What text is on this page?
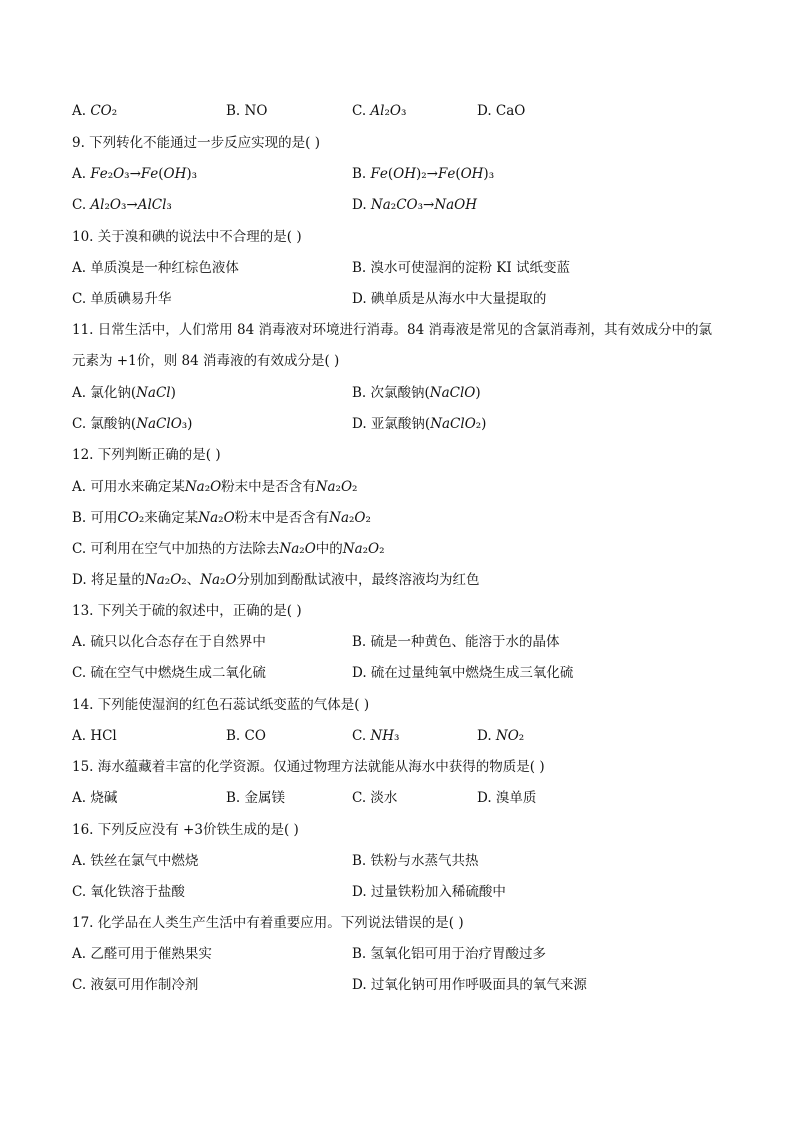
A. 𝐶𝑂₂	B. NO	C. 𝐴𝑙₂𝑂₃	D. CaO
9. 下列转化不能通过一步反应实现的是( )
A. 𝐹𝑒₂𝑂₃→𝐹𝑒(𝑂𝐻)₃	B. 𝐹𝑒(𝑂𝐻)₂→𝐹𝑒(𝑂𝐻)₃
C. 𝐴𝑙₂𝑂₃→𝐴𝑙𝐶𝑙₃	D. 𝑁𝑎₂𝐶𝑂₃→𝑁𝑎𝑂𝐻
10. 关于溴和碘的说法中不合理的是( )
A. 单质溴是一种红棕色液体	B. 溴水可使湿润的淀粉 KI 试纸变蓝
C. 单质碘易升华	D. 碘单质是从海水中大量提取的
11. 日常生活中，人们常用 84 消毒液对环境进行消毒。84 消毒液是常见的含氯消毒剂，其有效成分中的氯
元素为 +1价，则 84 消毒液的有效成分是( )
A. 氯化钠(𝑁𝑎𝐶𝑙)	B. 次氯酸钠(𝑁𝑎𝐶𝑙𝑂)
C. 氯酸钠(𝑁𝑎𝐶𝑙𝑂₃)	D. 亚氯酸钠(𝑁𝑎𝐶𝑙𝑂₂)
12. 下列判断正确的是( )
A. 可用水来确定某𝑁𝑎₂𝑂粉末中是否含有𝑁𝑎₂𝑂₂
B. 可用𝐶𝑂₂来确定某𝑁𝑎₂𝑂粉末中是否含有𝑁𝑎₂𝑂₂
C. 可利用在空气中加热的方法除去𝑁𝑎₂𝑂中的𝑁𝑎₂𝑂₂
D. 将足量的𝑁𝑎₂𝑂₂、𝑁𝑎₂𝑂分别加到酚酞试液中，最终溶液均为红色
13. 下列关于硫的叙述中，正确的是( )
A. 硫只以化合态存在于自然界中	B. 硫是一种黄色、能溶于水的晶体
C. 硫在空气中燃烧生成二氧化硫	D. 硫在过量纯氧中燃烧生成三氧化硫
14. 下列能使湿润的红色石蕊试纸变蓝的气体是( )
A. HCl	B. CO	C. 𝑁𝐻₃	D. 𝑁𝑂₂
15. 海水蕴藏着丰富的化学资源。仅通过物理方法就能从海水中获得的物质是( )
A. 烧碱	B. 金属镁	C. 淡水	D. 溴单质
16. 下列反应没有 +3价铁生成的是( )
A. 铁丝在氯气中燃烧	B. 铁粉与水蒸气共热
C. 氧化铁溶于盐酸	D. 过量铁粉加入稀硫酸中
17. 化学品在人类生产生活中有着重要应用。下列说法错误的是( )
A. 乙醛可用于催熟果实	B. 氢氧化铝可用于治疗胃酸过多
C. 液氨可用作制冷剂	D. 过氧化钠可用作呼吸面具的氧气来源
